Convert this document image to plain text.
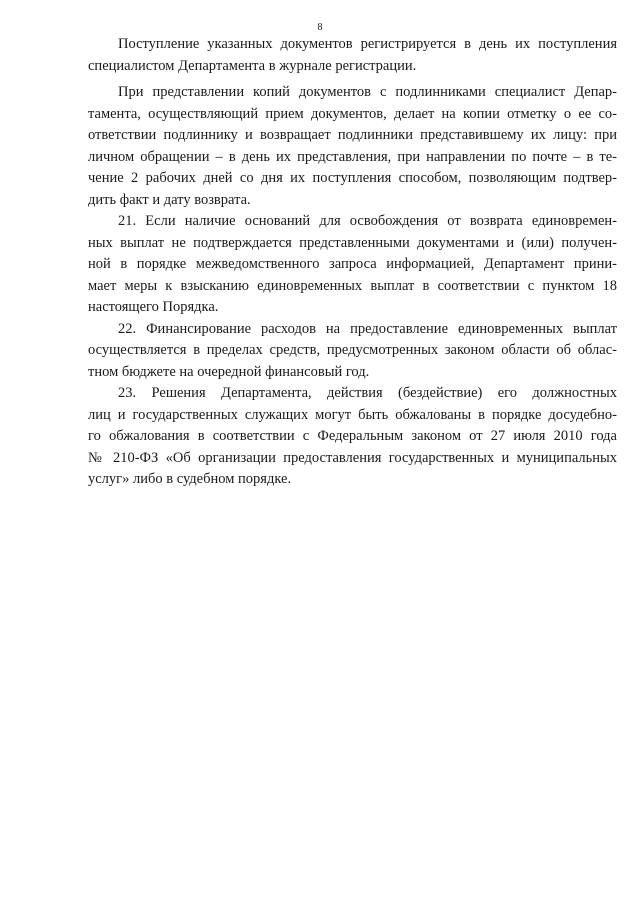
8

Поступление указанных документов регистрируется в день их поступления
специалистом Департамента в журнале регистрации.

При представлении копий документов с подлинниками специалист Депар-
тамента, осуществляющий прием документов, делает на копии отметку о ее со-
ответствии подлиннику и возвращает подлинники представившему их лицу: при
личном обращении – в день их представления, при направлении по почте – в те-
чение 2 рабочих дней со дня их поступления способом, позволяющим подтвер-
дить факт и дату возврата.

21. Если наличие оснований для освобождения от возврата единовремен-
ных выплат не подтверждается представленными документами и (или) получен-
ной в порядке межведомственного запроса информацией, Департамент прини-
мает меры к взысканию единовременных выплат в соответствии с пунктом 18
настоящего Порядка.

22. Финансирование расходов на предоставление единовременных выплат
осуществляется в пределах средств, предусмотренных законом области об облас-
тном бюджете на очередной финансовый год.

23. Решения Департамента, действия (бездействие) его должностных
лиц и государственных служащих могут быть обжалованы в порядке досудебно-
го обжалования в соответствии с Федеральным законом от 27 июля 2010 года
№ 210-ФЗ «Об организации предоставления государственных и муниципальных
услуг» либо в судебном порядке.
